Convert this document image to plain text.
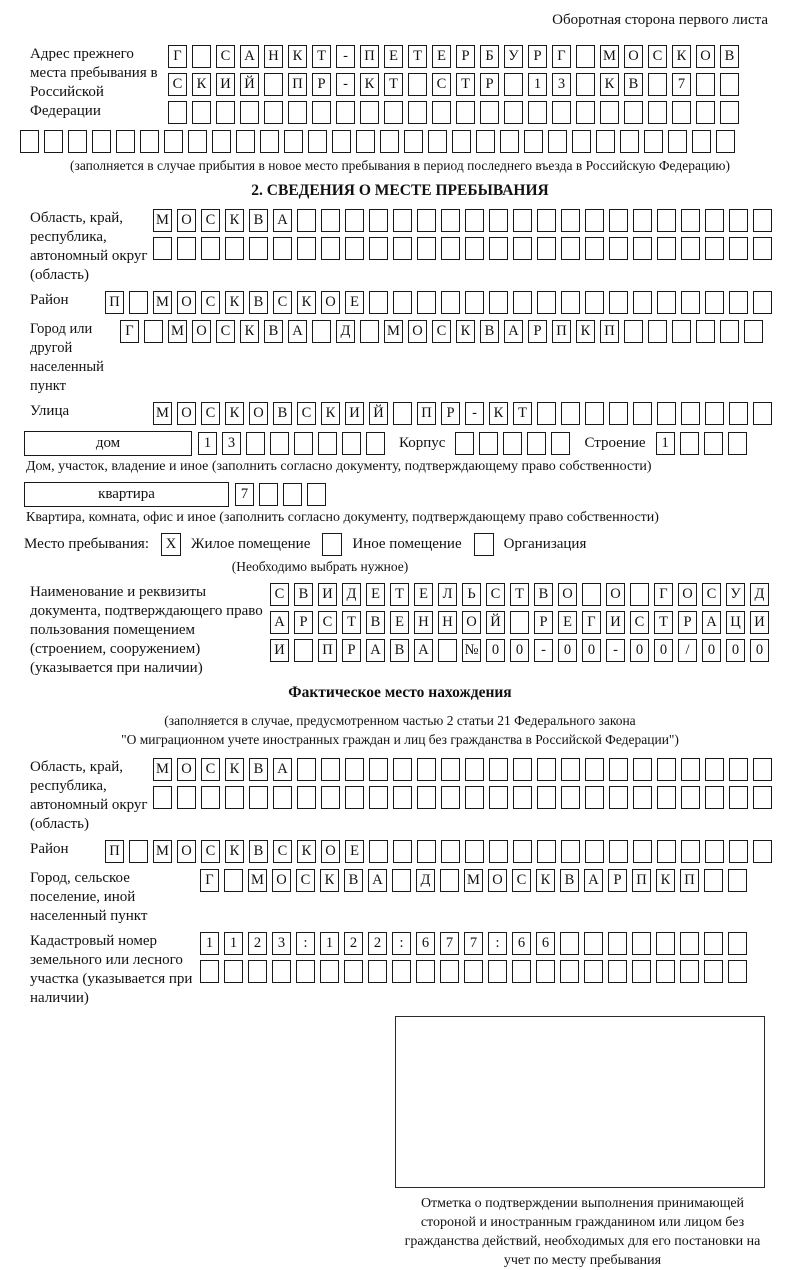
Оборотная сторона первого листа
Адрес прежнего места пребывания в Российской Федерации
Г	С А Н К	Т	-	П Е	Т	Е	Р	Б	У	Р	Г	М О С К О В
С К И Й	П	Р	-	К	Т	С	Т	Р	1	3	К В	7
(заполняется в случае прибытия в новое место пребывания в период последнего въезда в Российскую Федерацию)
2. СВЕДЕНИЯ О МЕСТЕ ПРЕБЫВАНИЯ
Область, край, республика, автономный округ (область)
М О С К В А
Район	П	М О С К В С К О Е
Город или другой населенный пункт
Г	М О С К В А	Д	М О С К В А	Р	П К П
Улица	М О С К О В С К И Й	П	Р	-	К	Т
дом	1	3	Корпус	Строение	1
Дом, участок, владение и иное (заполнить согласно документу, подтверждающему право собственности)
квартира	7
Квартира, комната, офис и иное (заполнить согласно документу, подтверждающему право собственности)
Место пребывания:	X Жилое помещение	Иное помещение	Организация
(Необходимо выбрать нужное)
Наименование и реквизиты документа, подтверждающего право пользования помещением (строением, сооружением) (указывается при наличии)
С В И Д	Е	Т	Е	Л	Ь	С	Т	В О	О	Г	О С У Д
А	Р	С	Т	В	Е Н Н О Й	Р	Е	Г	И С	Т	Р	А Ц И
И	П	Р	А В А № 0	0	-	0	0	-	0	0	/	0	0	0
Фактическое место нахождения
(заполняется в случае, предусмотренном частью 2 статьи 21 Федерального закона
"О миграционном учете иностранных граждан и лиц без гражданства в Российской Федерации")
Область, край, республика, автономный округ (область)
М О С К В А
Район	П	М О С К В С К О Е
Город, сельское поселение, иной населенный пункт
Г	М О С К В А	Д	М О С К В А	Р	П К П
Кадастровый номер земельного или лесного участка (указывается при наличии)
1	1	2	3	:	1	2	2	:	6	7	7	:	6	6
Отметка о подтверждении выполнения принимающей стороной и иностранным гражданином или лицом без гражданства действий, необходимых для его постановки на учет по месту пребывания
